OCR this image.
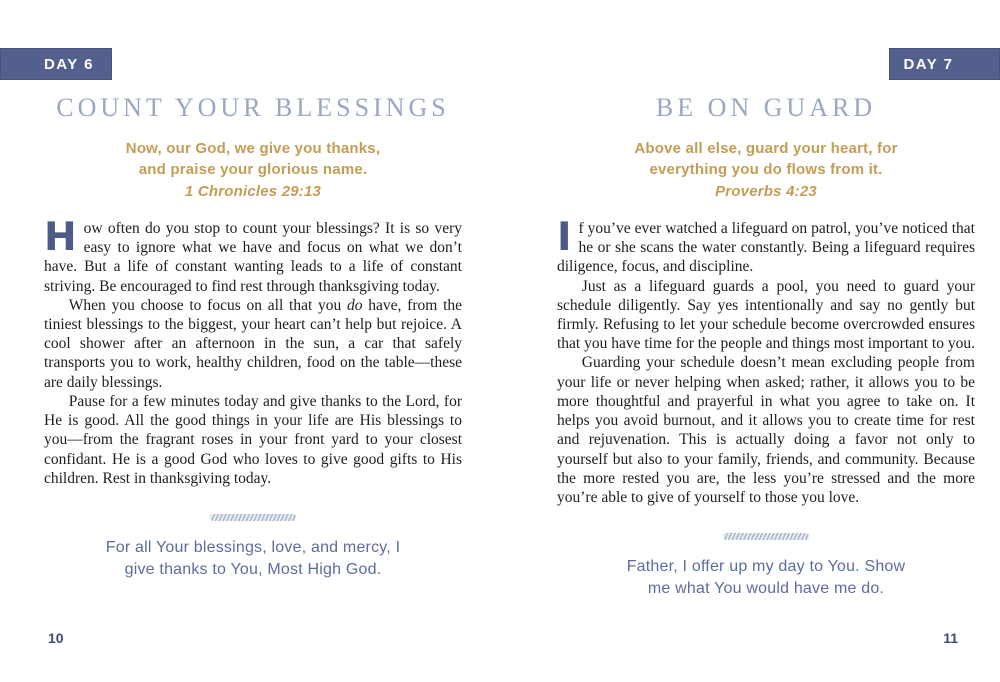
DAY 6
COUNT YOUR BLESSINGS
Now, our God, we give you thanks,
and praise your glorious name.
1 Chronicles 29:13

How often do you stop to count your blessings? It is so very easy to ignore what we have and focus on what we don’t have. But a life of constant wanting leads to a life of constant striving. Be encouraged to find rest through thanksgiving today.

When you choose to focus on all that you do have, from the tiniest blessings to the biggest, your heart can’t help but rejoice. A cool shower after an afternoon in the sun, a car that safely transports you to work, healthy children, food on the table—these are daily blessings.

Pause for a few minutes today and give thanks to the Lord, for He is good. All the good things in your life are His blessings to you—from the fragrant roses in your front yard to your closest confidant. He is a good God who loves to give good gifts to His children. Rest in thanksgiving today.

For all Your blessings, love, and mercy, I
give thanks to You, Most High God.
10
DAY 7
BE ON GUARD
Above all else, guard your heart, for
everything you do flows from it.
Proverbs 4:23

If you’ve ever watched a lifeguard on patrol, you’ve noticed that he or she scans the water constantly. Being a lifeguard requires diligence, focus, and discipline.

Just as a lifeguard guards a pool, you need to guard your schedule diligently. Say yes intentionally and say no gently but firmly. Refusing to let your schedule become overcrowded ensures that you have time for the people and things most important to you.

Guarding your schedule doesn’t mean excluding people from your life or never helping when asked; rather, it allows you to be more thoughtful and prayerful in what you agree to take on. It helps you avoid burnout, and it allows you to create time for rest and rejuvenation. This is actually doing a favor not only to yourself but also to your family, friends, and community. Because the more rested you are, the less you’re stressed and the more you’re able to give of yourself to those you love.

Father, I offer up my day to You. Show
me what You would have me do.
11
